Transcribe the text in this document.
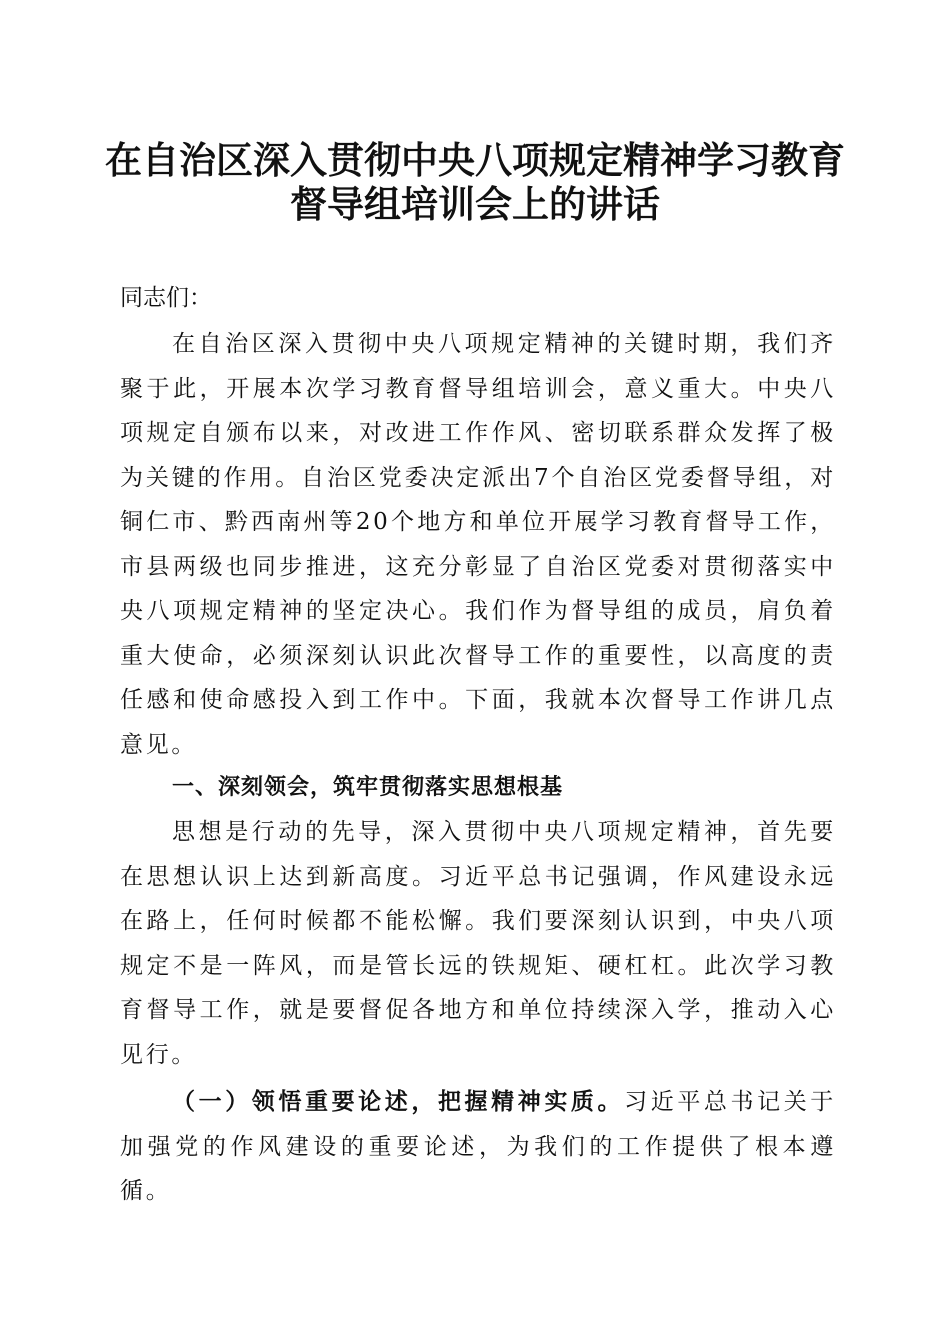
在自治区深入贯彻中央八项规定精神学习教育
督导组培训会上的讲话
同志们：

在自治区深入贯彻中央八项规定精神的关键时期，我们齐聚于此，开展本次学习教育督导组培训会，意义重大。中央八项规定自颁布以来，对改进工作作风、密切联系群众发挥了极为关键的作用。自治区党委决定派出7个自治区党委督导组，对铜仁市、黔西南州等20个地方和单位开展学习教育督导工作，市县两级也同步推进，这充分彰显了自治区党委对贯彻落实中央八项规定精神的坚定决心。我们作为督导组的成员，肩负着重大使命，必须深刻认识此次督导工作的重要性，以高度的责任感和使命感投入到工作中。下面，我就本次督导工作讲几点意见。

一、深刻领会，筑牢贯彻落实思想根基

思想是行动的先导，深入贯彻中央八项规定精神，首先要在思想认识上达到新高度。习近平总书记强调，作风建设永远在路上，任何时候都不能松懈。我们要深刻认识到，中央八项规定不是一阵风，而是管长远的铁规矩、硬杠杠。此次学习教育督导工作，就是要督促各地方和单位持续深入学，推动入心见行。

（一）领悟重要论述，把握精神实质。习近平总书记关于加强党的作风建设的重要论述，为我们的工作提供了根本遵循。
